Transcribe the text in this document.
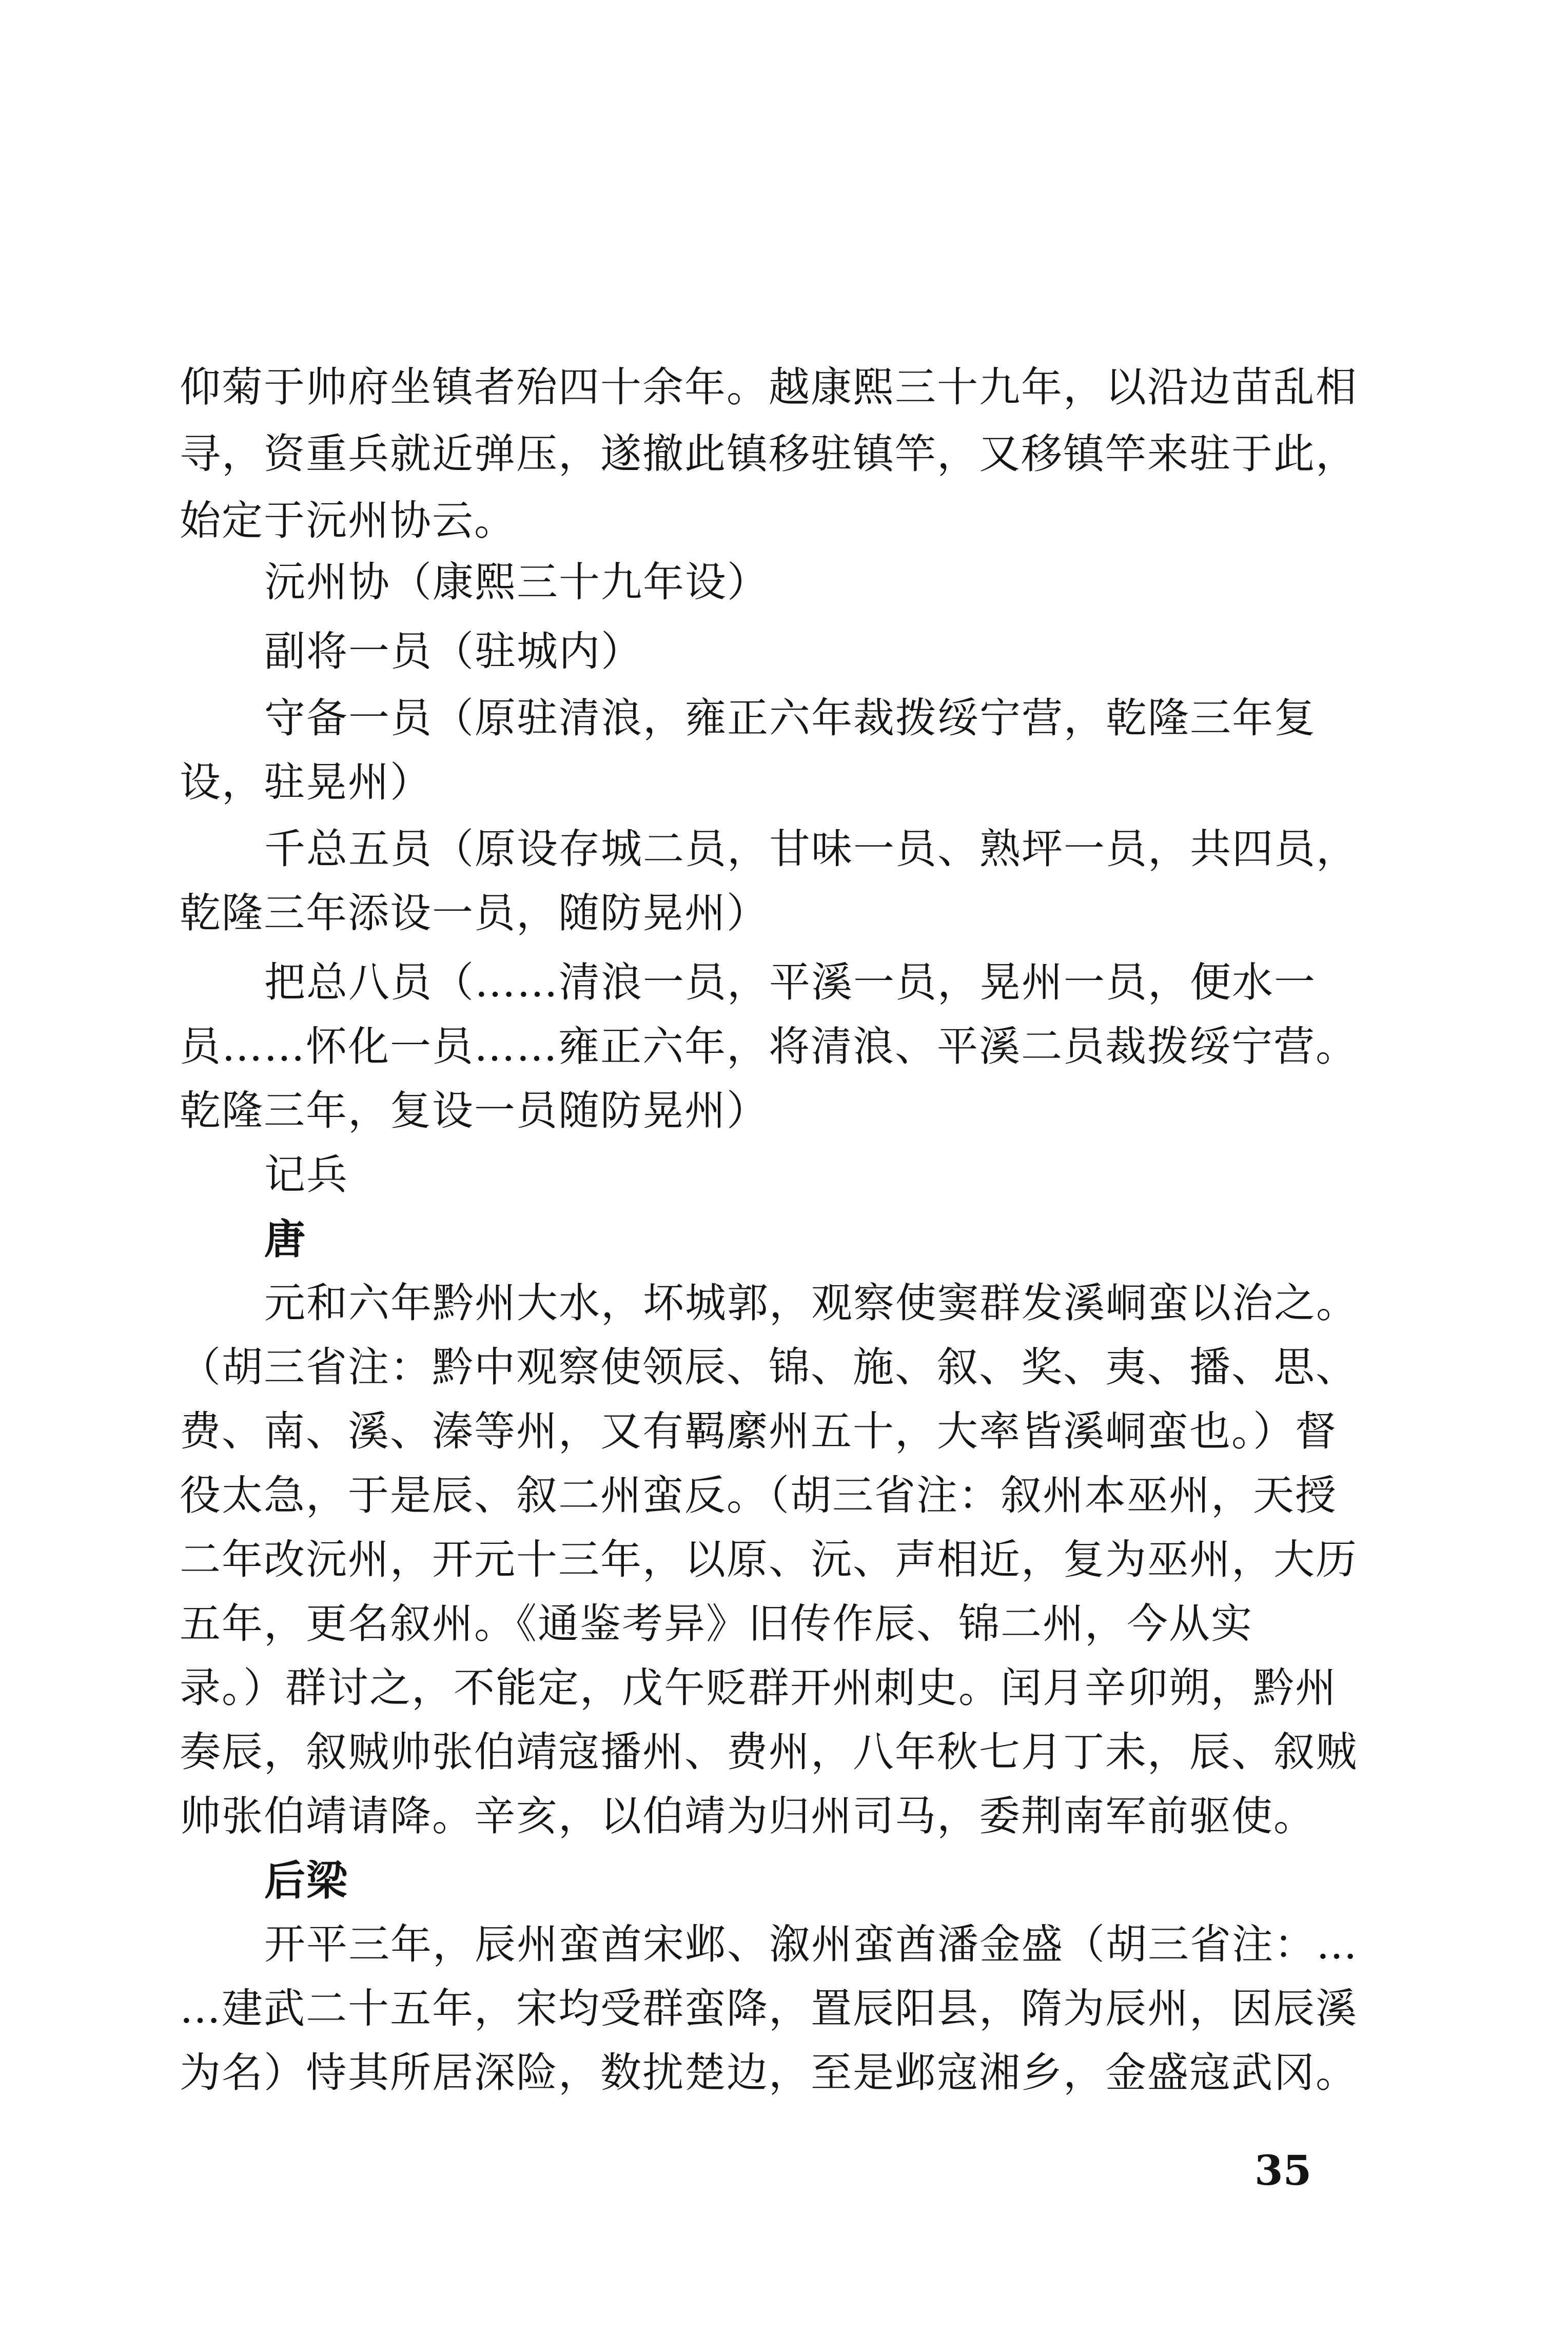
仰菊于帅府坐镇者殆四十余年。越康熙三十九年，以沿边苗乱相
寻，资重兵就近弹压，遂撤此镇移驻镇竿，又移镇竿来驻于此，
始定于沅州协云。
沅州协（康熙三十九年设）
副将一员（驻城内）
守备一员（原驻清浪，雍正六年裁拨绥宁营，乾隆三年复
设，驻晃州）
千总五员（原设存城二员，甘味一员、熟坪一员，共四员，
乾隆三年添设一员，随防晃州）
把总八员（……清浪一员，平溪一员，晃州一员，便水一
员……怀化一员……雍正六年，将清浪、平溪二员裁拨绥宁营。
乾隆三年，复设一员随防晃州）
记兵
唐
元和六年黔州大水，坏城郭，观察使窦群发溪峒蛮以治之。
（胡三省注：黔中观察使领辰、锦、施、叙、奖、夷、播、思、
费、南、溪、溱等州，又有羁縻州五十，大率皆溪峒蛮也。）督
役太急，于是辰、叙二州蛮反。（胡三省注：叙州本巫州，天授
二年改沅州，开元十三年，以原、沅、声相近，复为巫州，大历
五年，更名叙州。《通鉴考异》旧传作辰、锦二州，今从实
录。）群讨之，不能定，戊午贬群开州刺史。闰月辛卯朔，黔州
奏辰，叙贼帅张伯靖寇播州、费州，八年秋七月丁未，辰、叙贼
帅张伯靖请降。辛亥，以伯靖为归州司马，委荆南军前驱使。
后梁
开平三年，辰州蛮酋宋邺、溆州蛮酋潘金盛（胡三省注：…
…建武二十五年，宋均受群蛮降，置辰阳县，隋为辰州，因辰溪
为名）恃其所居深险，数扰楚边，至是邺寇湘乡，金盛寇武冈。
35
